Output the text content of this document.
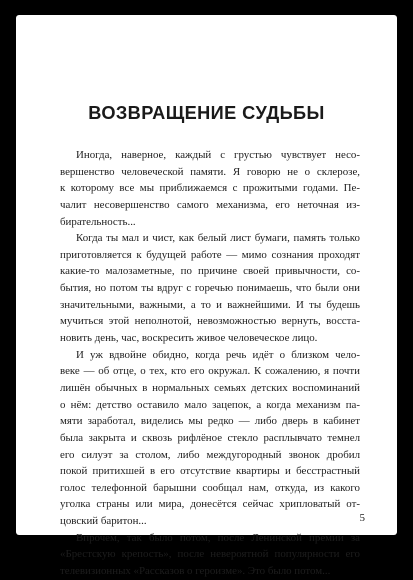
ВОЗВРАЩЕНИЕ СУДЬБЫ
Иногда, наверное, каждый с грустью чувствует несо-
вершенство человеческой памяти. Я говорю не о склерозе,
к которому все мы приближаемся с прожитыми годами. Пе-
чалит несовершенство самого механизма, его неточная из-
бирательность...
Когда ты мал и чист, как белый лист бумаги, память только
приготовляется к будущей работе — мимо сознания проходят
какие-то малозаметные, по причине своей привычности, со-
бытия, но потом ты вдруг с горечью понимаешь, что были они
значительными, важными, а то и важнейшими. И ты будешь
мучиться этой неполнотой, невозможностью вернуть, восста-
новить день, час, воскресить живое человеческое лицо.
И уж вдвойне обидно, когда речь идёт о близком чело-
веке — об отце, о тех, кто его окружал. К сожалению, я почти
лишён обычных в нормальных семьях детских воспоминаний
о нём: детство оставило мало зацепок, а когда механизм па-
мяти заработал, виделись мы редко — либо дверь в кабинет
была закрыта и сквозь рифлёное стекло расплывчато темнел
его силуэт за столом, либо междугородный звонок дробил
покой притихшей в его отсутствие квартиры и бесстрастный
голос телефонной барышни сообщал нам, откуда, из какого
уголка страны или мира, донесётся сейчас хрипловатый от-
цовский баритон...
Впрочем, так было потом, после Ленинской премии за
«Брестскую крепость», после невероятной популярности его
телевизионных «Рассказов о героизме». Это было потом...
5
